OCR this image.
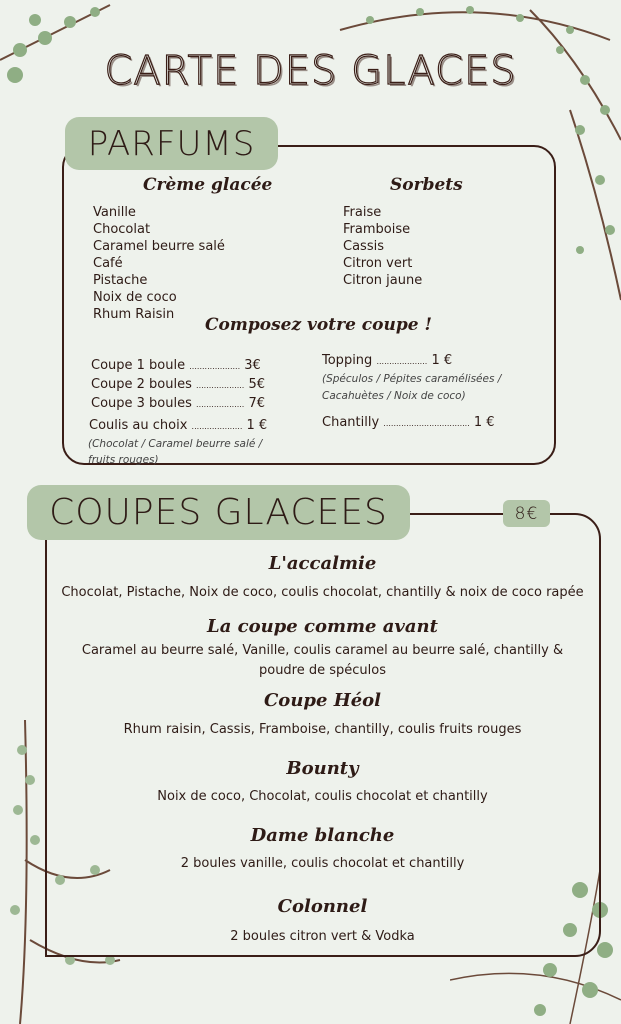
CARTE DES GLACES
PARFUMS
Crème glacée
Vanille
Chocolat
Caramel beurre salé
Café
Pistache
Noix de coco
Rhum Raisin
Sorbets
Fraise
Framboise
Cassis
Citron vert
Citron jaune
Composez votre coupe !
Coupe 1 boule .................... 3€
Coupe 2 boules ................... 5€
Coupe 3 boules ................... 7€
Coulis au choix .................... 1 €
(Chocolat / Caramel beurre salé / fruits rouges)
Topping .................... 1 €
(Spéculos / Pépites caramélisées / Cacahuètes / Noix de coco)
Chantilly .................................. 1 €
COUPES GLACEES	8€
L'accalmie
Chocolat, Pistache, Noix de coco, coulis chocolat, chantilly & noix de coco rapée
La coupe comme avant
Caramel au beurre salé, Vanille, coulis caramel au beurre salé, chantilly & poudre de spéculos
Coupe Héol
Rhum raisin, Cassis, Framboise, chantilly, coulis fruits rouges
Bounty
Noix de coco, Chocolat, coulis chocolat et chantilly
Dame blanche
2 boules vanille, coulis chocolat et chantilly
Colonnel
2 boules citron vert & Vodka
